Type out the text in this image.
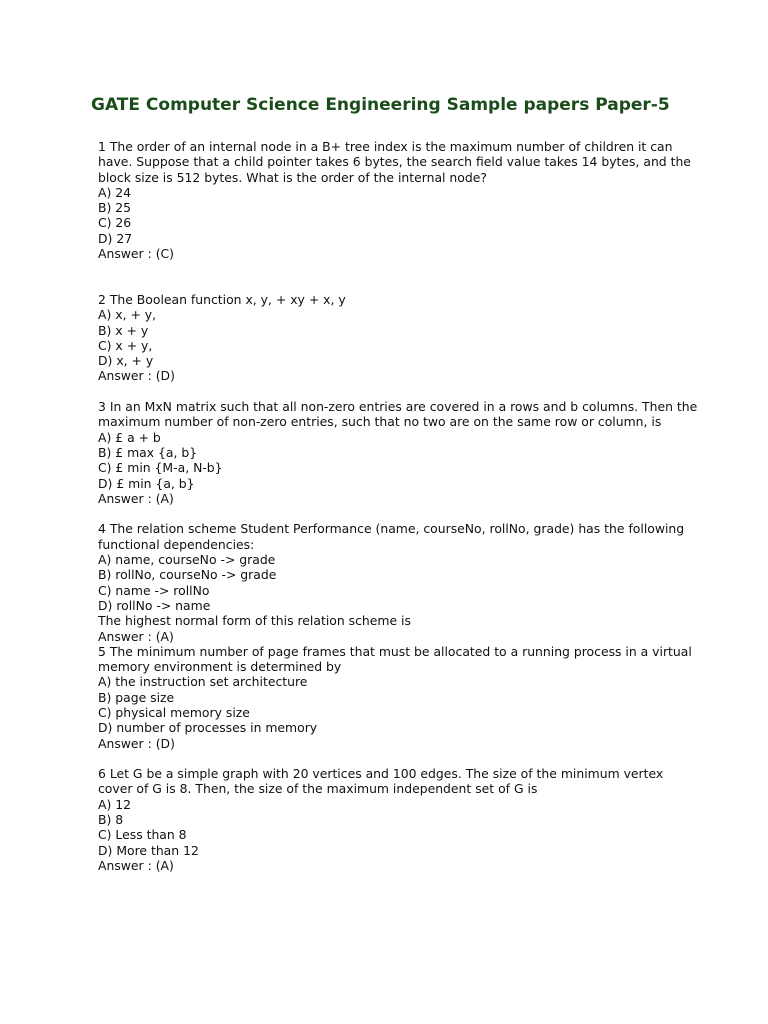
GATE Computer Science Engineering Sample papers Paper-5

1 The order of an internal node in a B+ tree index is the maximum number of children it can have. Suppose that a child pointer takes 6 bytes, the search field value takes 14 bytes, and the block size is 512 bytes. What is the order of the internal node?

A) 24

B) 25

C) 26

D) 27

Answer : (C)

2 The Boolean function x, y, + xy + x, y

A) x, + y,

B) x + y

C) x + y,

D) x, + y

Answer : (D)

3 In an MxN matrix such that all non-zero entries are covered in a rows and b columns. Then the maximum number of non-zero entries, such that no two are on the same row or column, is

A) £ a + b

B) £ max {a, b}

C) £ min {M-a, N-b}

D) £ min {a, b}

Answer : (A)

4 The relation scheme Student Performance (name, courseNo, rollNo, grade) has the following functional dependencies:

A) name, courseNo -> grade

B) rollNo, courseNo -> grade

C) name -> rollNo

D) rollNo -> name

The highest normal form of this relation scheme is

Answer : (A)

5 The minimum number of page frames that must be allocated to a running process in a virtual memory environment is determined by

A) the instruction set architecture

B) page size

C) physical memory size

D) number of processes in memory

Answer : (D)

6 Let G be a simple graph with 20 vertices and 100 edges. The size of the minimum vertex cover of G is 8. Then, the size of the maximum independent set of G is

A) 12

B) 8

C) Less than 8

D) More than 12

Answer : (A)
